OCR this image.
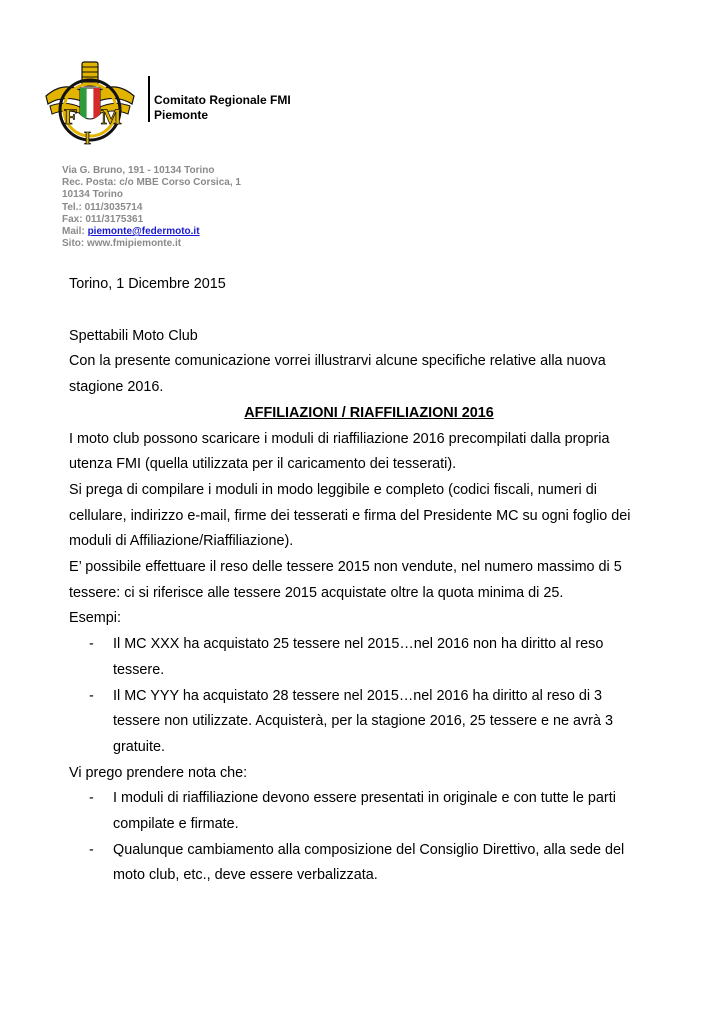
F M
I
Comitato Regionale FMI
Piemonte
Via G. Bruno, 191 - 10134 Torino
Rec. Posta: c/o MBE Corso Corsica, 1
10134 Torino
Tel.: 011/3035714
Fax: 011/3175361
Mail: piemonte@federmoto.it
Sito: www.fmipiemonte.it

Torino, 1 Dicembre 2015

Spettabili Moto Club

Con la presente comunicazione vorrei illustrarvi alcune specifiche relative alla nuova stagione 2016.

AFFILIAZIONI / RIAFFILIAZIONI 2016

I moto club possono scaricare i moduli di riaffiliazione 2016 precompilati dalla propria utenza FMI (quella utilizzata per il caricamento dei tesserati).

Si prega di compilare i moduli in modo leggibile e completo (codici fiscali, numeri di cellulare, indirizzo e-mail, firme dei tesserati e firma del Presidente MC su ogni foglio dei moduli di Affiliazione/Riaffiliazione).

E’ possibile effettuare il reso delle tessere 2015 non vendute, nel numero massimo di 5 tessere: ci si riferisce alle tessere 2015 acquistate oltre la quota minima di 25.

Esempi:

- Il MC XXX ha acquistato 25 tessere nel 2015…nel 2016 non ha diritto al reso tessere.

- Il MC YYY ha acquistato 28 tessere nel 2015…nel 2016 ha diritto al reso di 3 tessere non utilizzate. Acquisterà, per la stagione 2016, 25 tessere e ne avrà 3 gratuite.

Vi prego prendere nota che:

- I moduli di riaffiliazione devono essere presentati in originale e con tutte le parti compilate e firmate.

- Qualunque cambiamento alla composizione del Consiglio Direttivo, alla sede del moto club, etc., deve essere verbalizzata.
